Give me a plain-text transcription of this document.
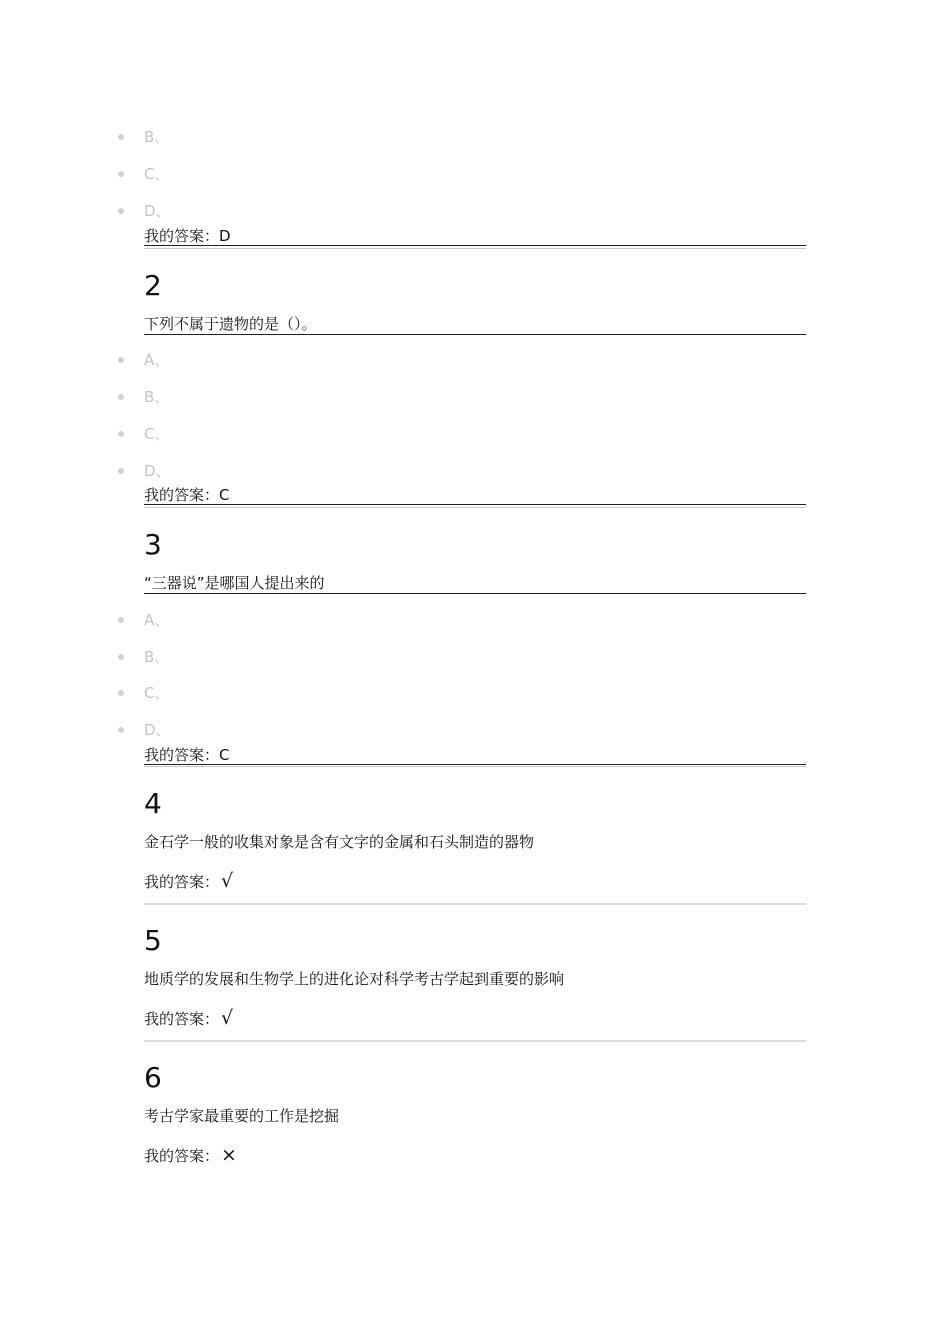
B、
C、
D、
我的答案：D
2
下列不属于遗物的是（）。
A、
B、
C、
D、
我的答案：C
3
“三器说”是哪国人提出来的
A、
B、
C、
D、
我的答案：C
4
金石学一般的收集对象是含有文字的金属和石头制造的器物
我的答案： √
5
地质学的发展和生物学上的进化论对科学考古学起到重要的影响
我的答案： √
6
考古学家最重要的工作是挖掘
我的答案： ×
